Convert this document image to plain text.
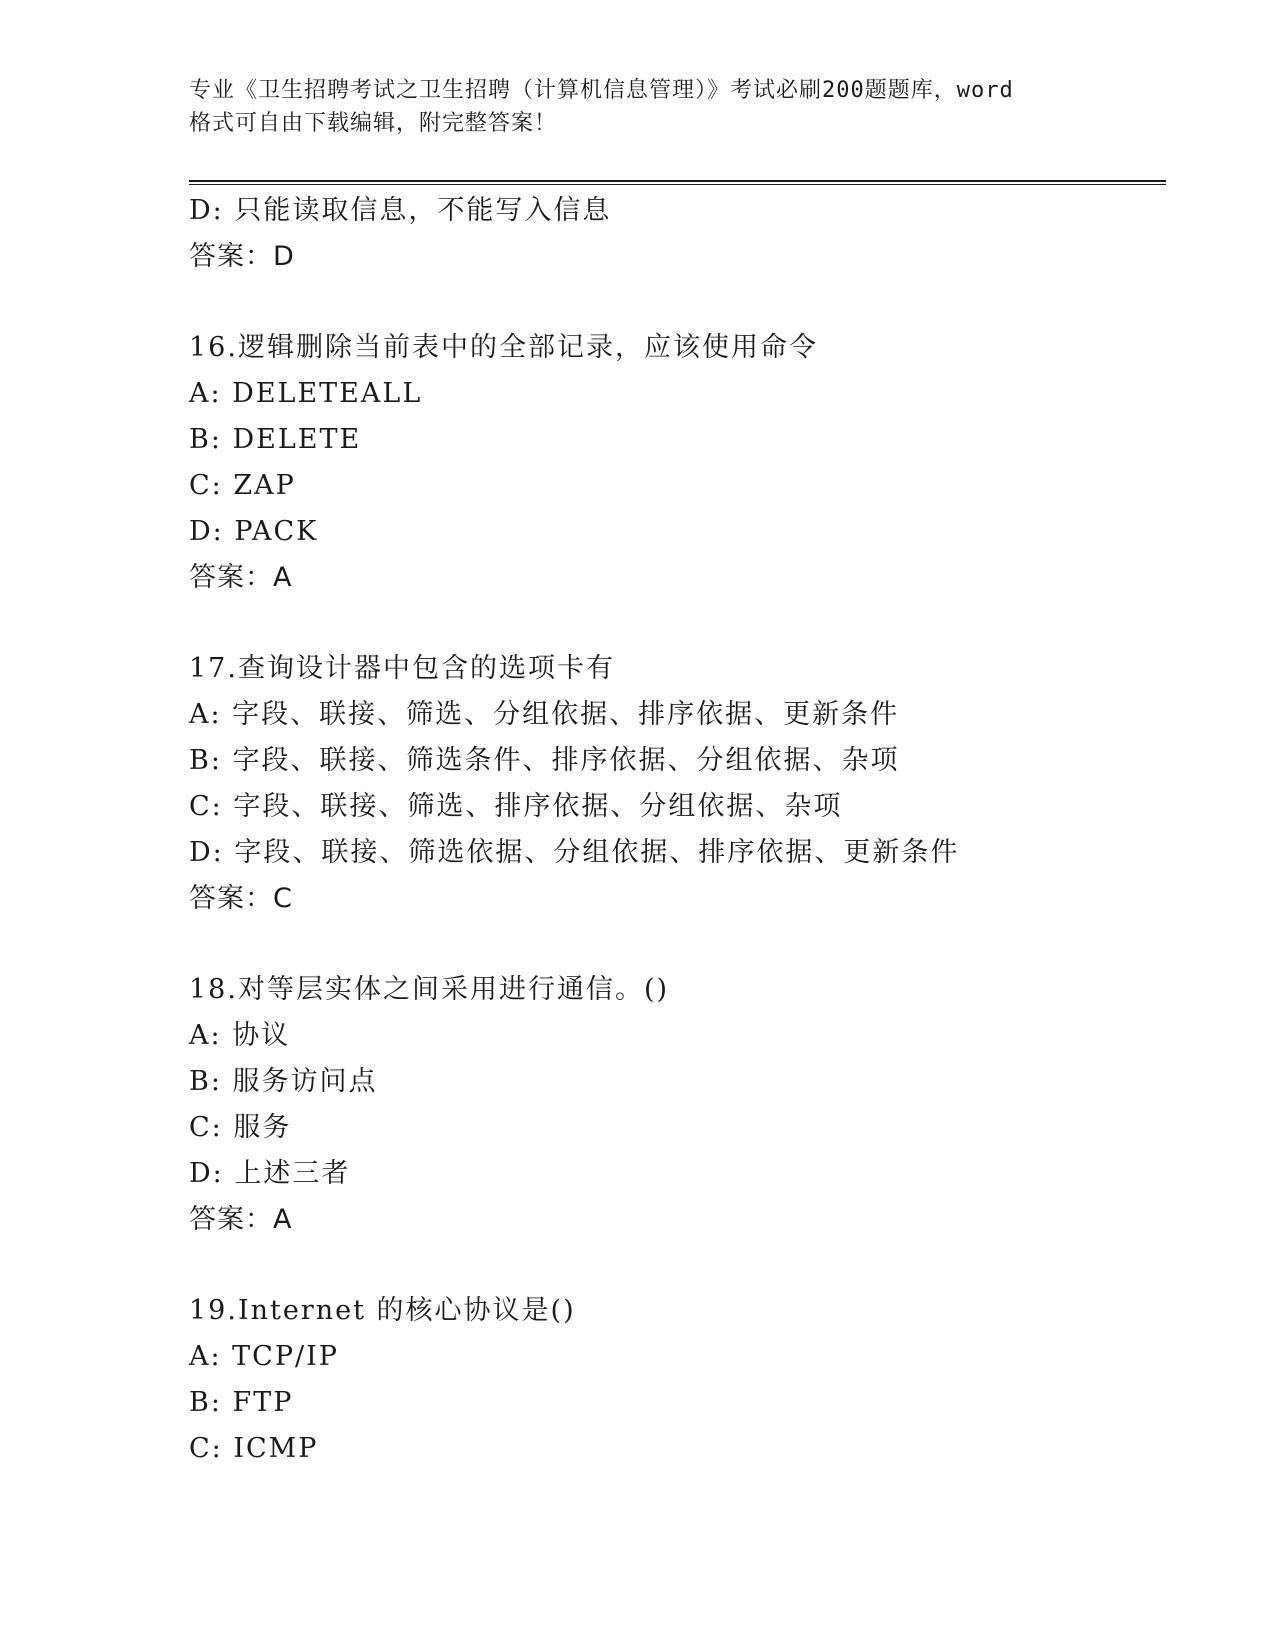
专业《卫生招聘考试之卫生招聘（计算机信息管理）》考试必刷200题题库，word
格式可自由下载编辑，附完整答案！
D: 只能读取信息，不能写入信息
答案：D
16.逻辑删除当前表中的全部记录，应该使用命令
A: DELETEALL
B: DELETE
C: ZAP
D: PACK
答案：A
17.查询设计器中包含的选项卡有
A: 字段、联接、筛选、分组依据、排序依据、更新条件
B: 字段、联接、筛选条件、排序依据、分组依据、杂项
C: 字段、联接、筛选、排序依据、分组依据、杂项
D: 字段、联接、筛选依据、分组依据、排序依据、更新条件
答案：C
18.对等层实体之间采用进行通信。()
A: 协议
B: 服务访问点
C: 服务
D: 上述三者
答案：A
19.Internet 的核心协议是()
A: TCP/IP
B: FTP
C: ICMP
